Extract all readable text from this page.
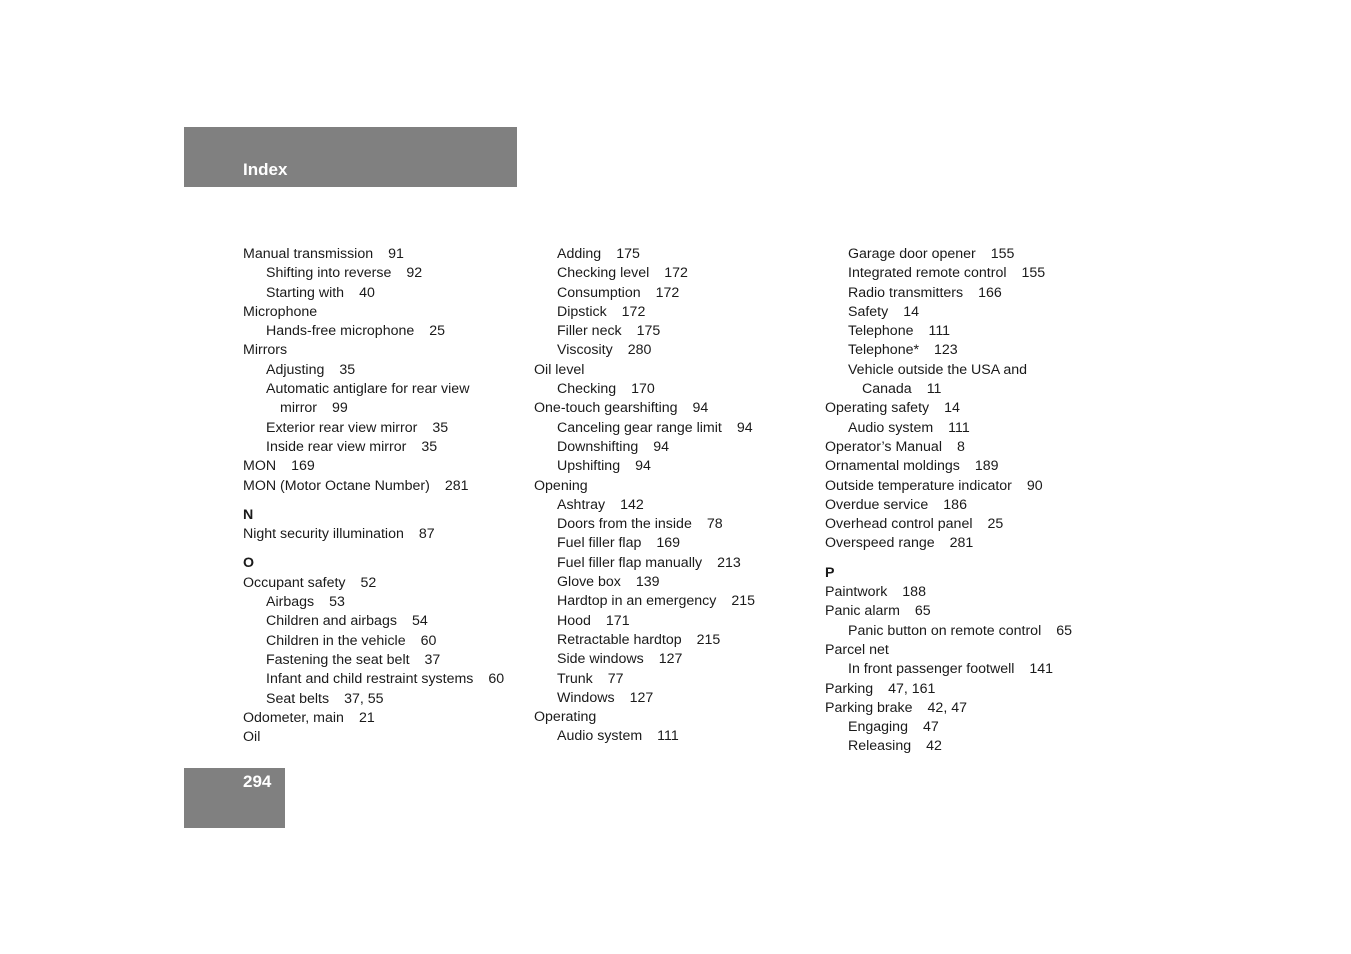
Index
Manual transmission 91
Shifting into reverse 92
Starting with 40
Microphone
Hands-free microphone 25
Mirrors
Adjusting 35
Automatic antiglare for rear view
mirror 99
Exterior rear view mirror 35
Inside rear view mirror 35
MON 169
MON (Motor Octane Number) 281
N
Night security illumination 87
O
Occupant safety 52
Airbags 53
Children and airbags 54
Children in the vehicle 60
Fastening the seat belt 37
Infant and child restraint systems 60
Seat belts 37, 55
Odometer, main 21
Oil
Adding 175
Checking level 172
Consumption 172
Dipstick 172
Filler neck 175
Viscosity 280
Oil level
Checking 170
One-touch gearshifting 94
Canceling gear range limit 94
Downshifting 94
Upshifting 94
Opening
Ashtray 142
Doors from the inside 78
Fuel filler flap 169
Fuel filler flap manually 213
Glove box 139
Hardtop in an emergency 215
Hood 171
Retractable hardtop 215
Side windows 127
Trunk 77
Windows 127
Operating
Audio system 111
Garage door opener 155
Integrated remote control 155
Radio transmitters 166
Safety 14
Telephone 111
Telephone* 123
Vehicle outside the USA and
Canada 11
Operating safety 14
Audio system 111
Operator’s Manual 8
Ornamental moldings 189
Outside temperature indicator 90
Overdue service 186
Overhead control panel 25
Overspeed range 281
P
Paintwork 188
Panic alarm 65
Panic button on remote control 65
Parcel net
In front passenger footwell 141
Parking 47, 161
Parking brake 42, 47
Engaging 47
Releasing 42
294
